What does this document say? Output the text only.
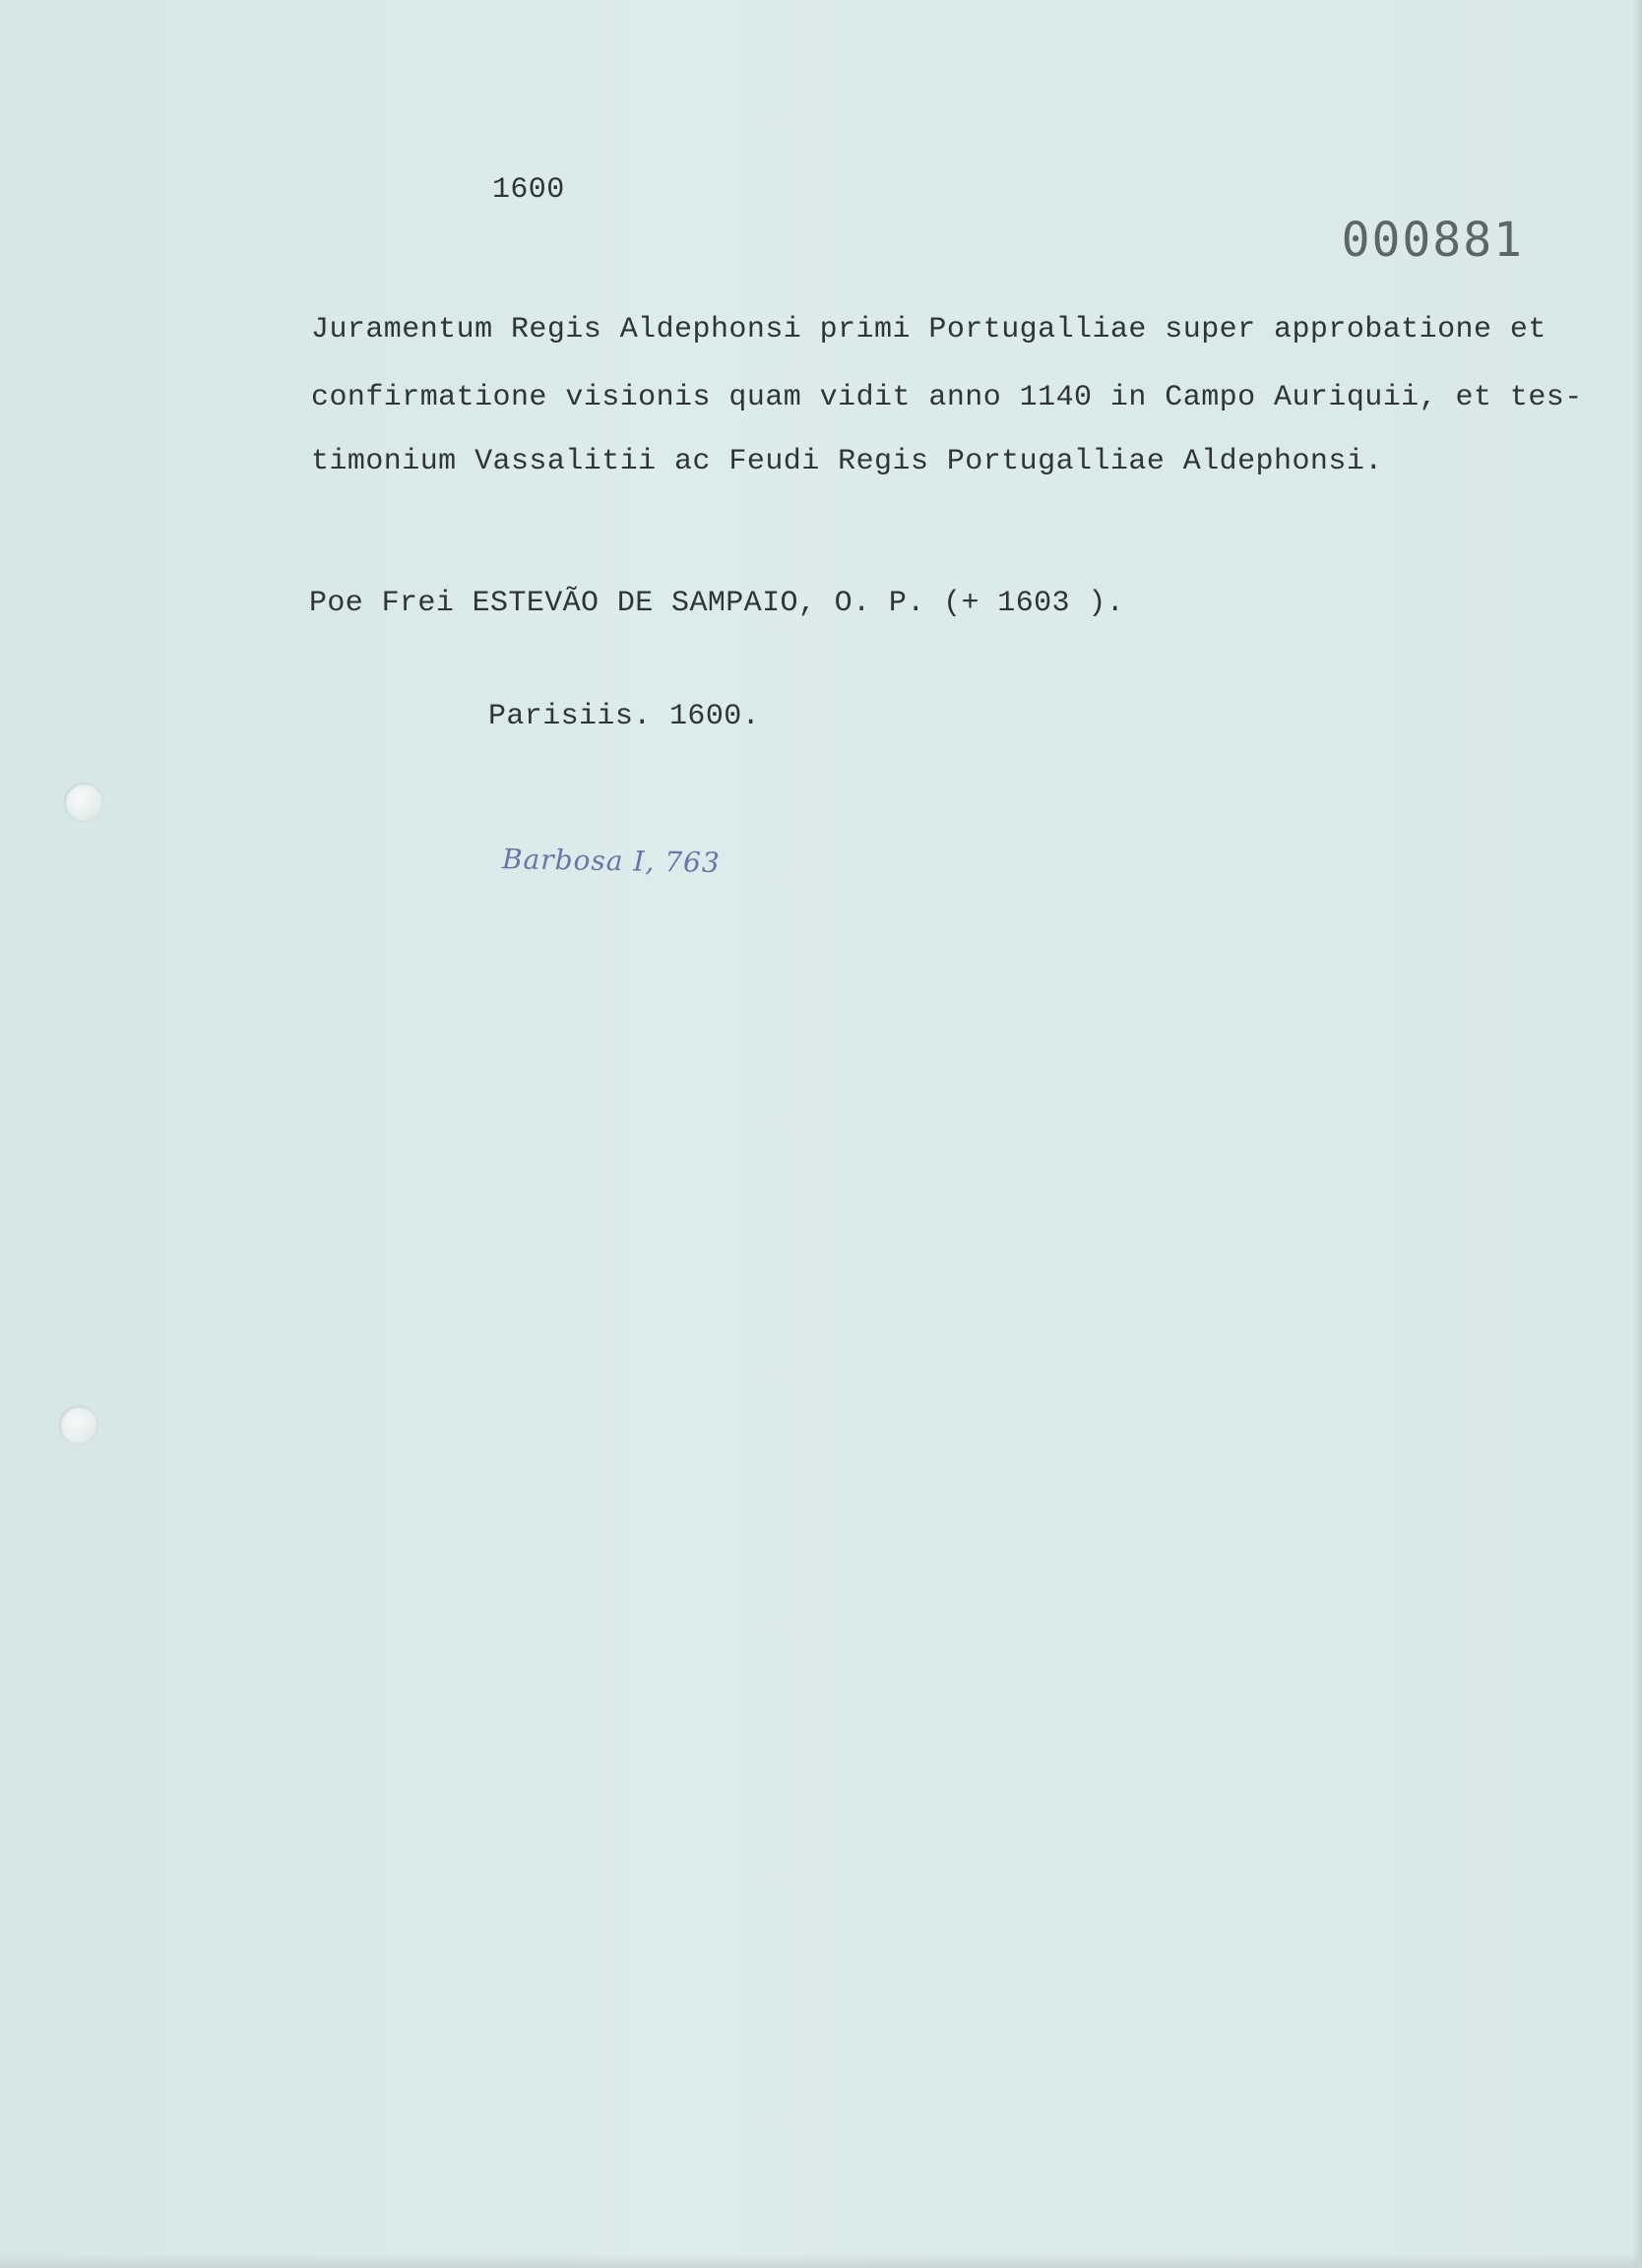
1600
000881
Juramentum Regis Aldephonsi primi Portugalliae super approbatione et
confirmatione visionis quam vidit anno 1140 in Campo Auriquii, et tes-
timonium Vassalitii ac Feudi Regis Portugalliae Aldephonsi.
Poe Frei ESTEVÃO DE SAMPAIO, O. P. (+ 1603 ).
Parisiis. 1600.
Barbosa I, 763
